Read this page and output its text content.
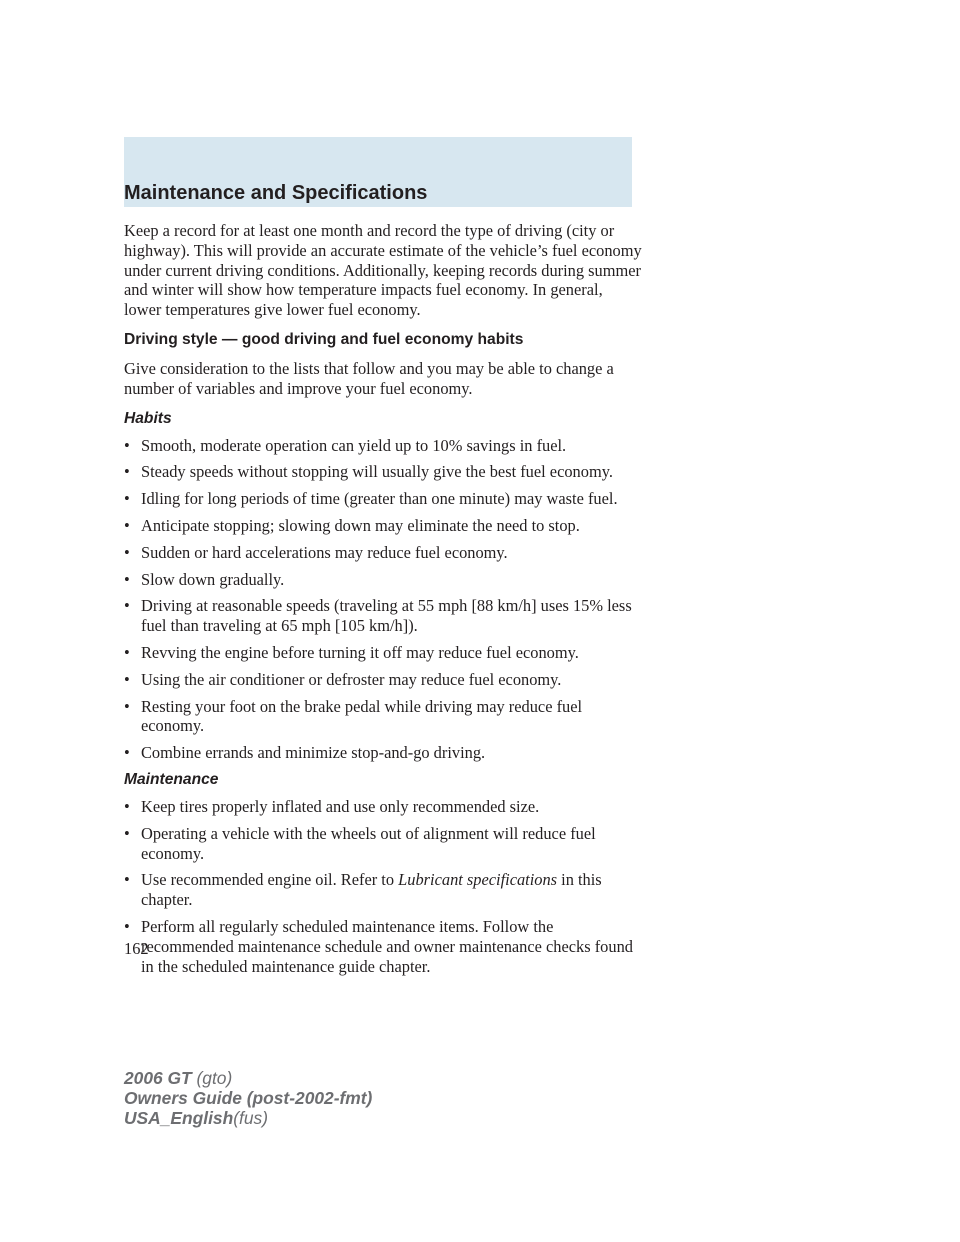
Maintenance and Specifications

Keep a record for at least one month and record the type of driving (city or highway). This will provide an accurate estimate of the vehicle’s fuel economy under current driving conditions. Additionally, keeping records during summer and winter will show how temperature impacts fuel economy. In general, lower temperatures give lower fuel economy.

Driving style — good driving and fuel economy habits

Give consideration to the lists that follow and you may be able to change a number of variables and improve your fuel economy.

Habits
• Smooth, moderate operation can yield up to 10% savings in fuel.
• Steady speeds without stopping will usually give the best fuel economy.
• Idling for long periods of time (greater than one minute) may waste fuel.
• Anticipate stopping; slowing down may eliminate the need to stop.
• Sudden or hard accelerations may reduce fuel economy.
• Slow down gradually.
• Driving at reasonable speeds (traveling at 55 mph [88 km/h] uses 15% less fuel than traveling at 65 mph [105 km/h]).
• Revving the engine before turning it off may reduce fuel economy.
• Using the air conditioner or defroster may reduce fuel economy.
• Resting your foot on the brake pedal while driving may reduce fuel economy.
• Combine errands and minimize stop-and-go driving.
Maintenance
• Keep tires properly inflated and use only recommended size.
• Operating a vehicle with the wheels out of alignment will reduce fuel economy.
• Use recommended engine oil. Refer to Lubricant specifications in this chapter.
• Perform all regularly scheduled maintenance items. Follow the recommended maintenance schedule and owner maintenance checks found in the scheduled maintenance guide chapter.
162
2006 GT (gto)
Owners Guide (post-2002-fmt)
USA_English(fus)
